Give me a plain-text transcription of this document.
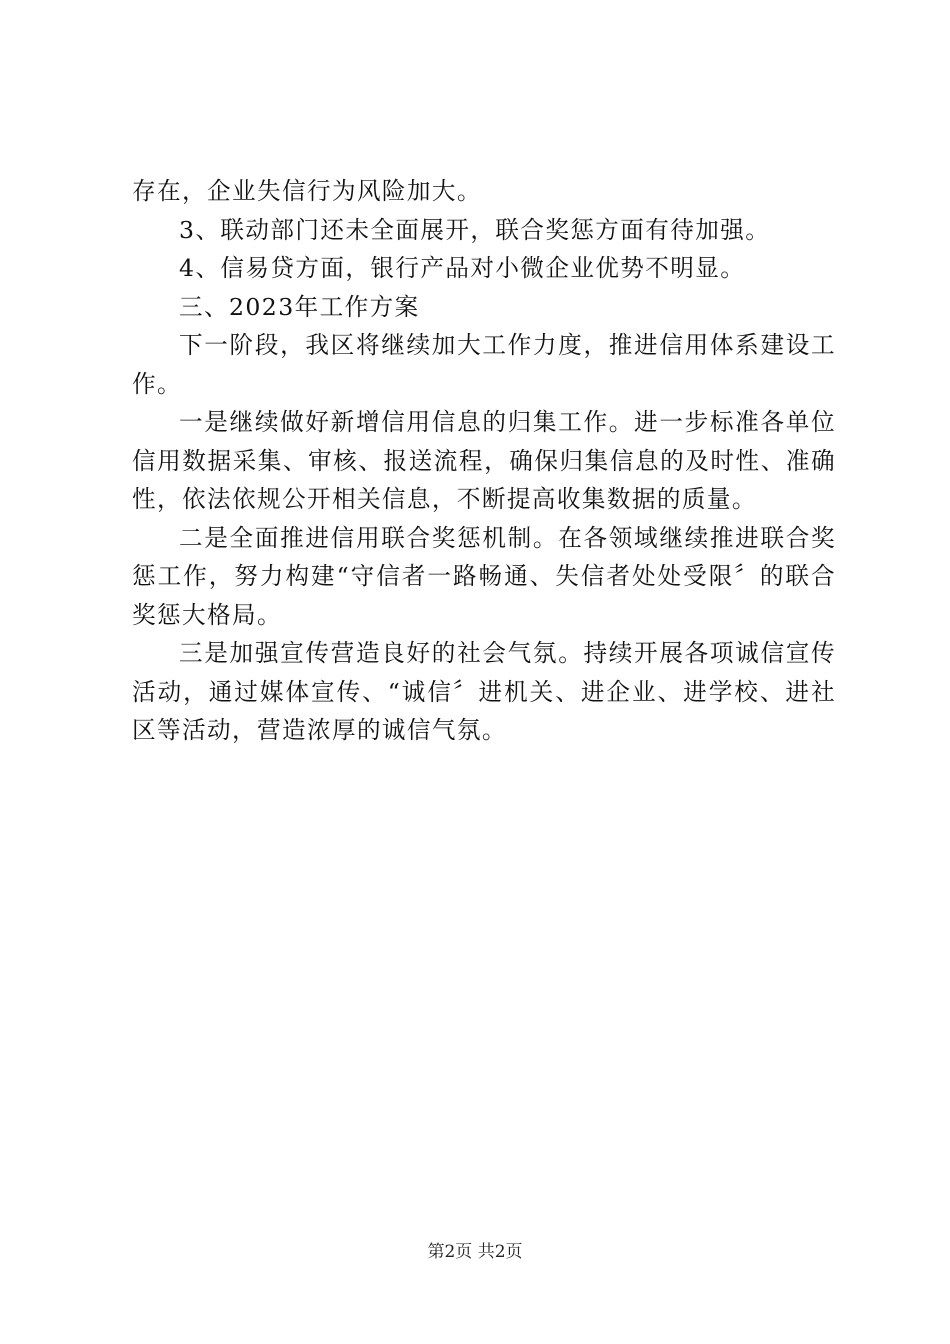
存在，企业失信行为风险加大。

3、联动部门还未全面展开，联合奖惩方面有待加强。

4、信易贷方面，银行产品对小微企业优势不明显。

三、2023年工作方案

下一阶段，我区将继续加大工作力度，推进信用体系建设工作。

一是继续做好新增信用信息的归集工作。进一步标准各单位信用数据采集、审核、报送流程，确保归集信息的及时性、准确性，依法依规公开相关信息，不断提高收集数据的质量。

二是全面推进信用联合奖惩机制。在各领域继续推进联合奖惩工作，努力构建“守信者一路畅通、失信者处处受限〞的联合奖惩大格局。

三是加强宣传营造良好的社会气氛。持续开展各项诚信宣传活动，通过媒体宣传、“诚信〞进机关、进企业、进学校、进社区等活动，营造浓厚的诚信气氛。

第2页 共2页
